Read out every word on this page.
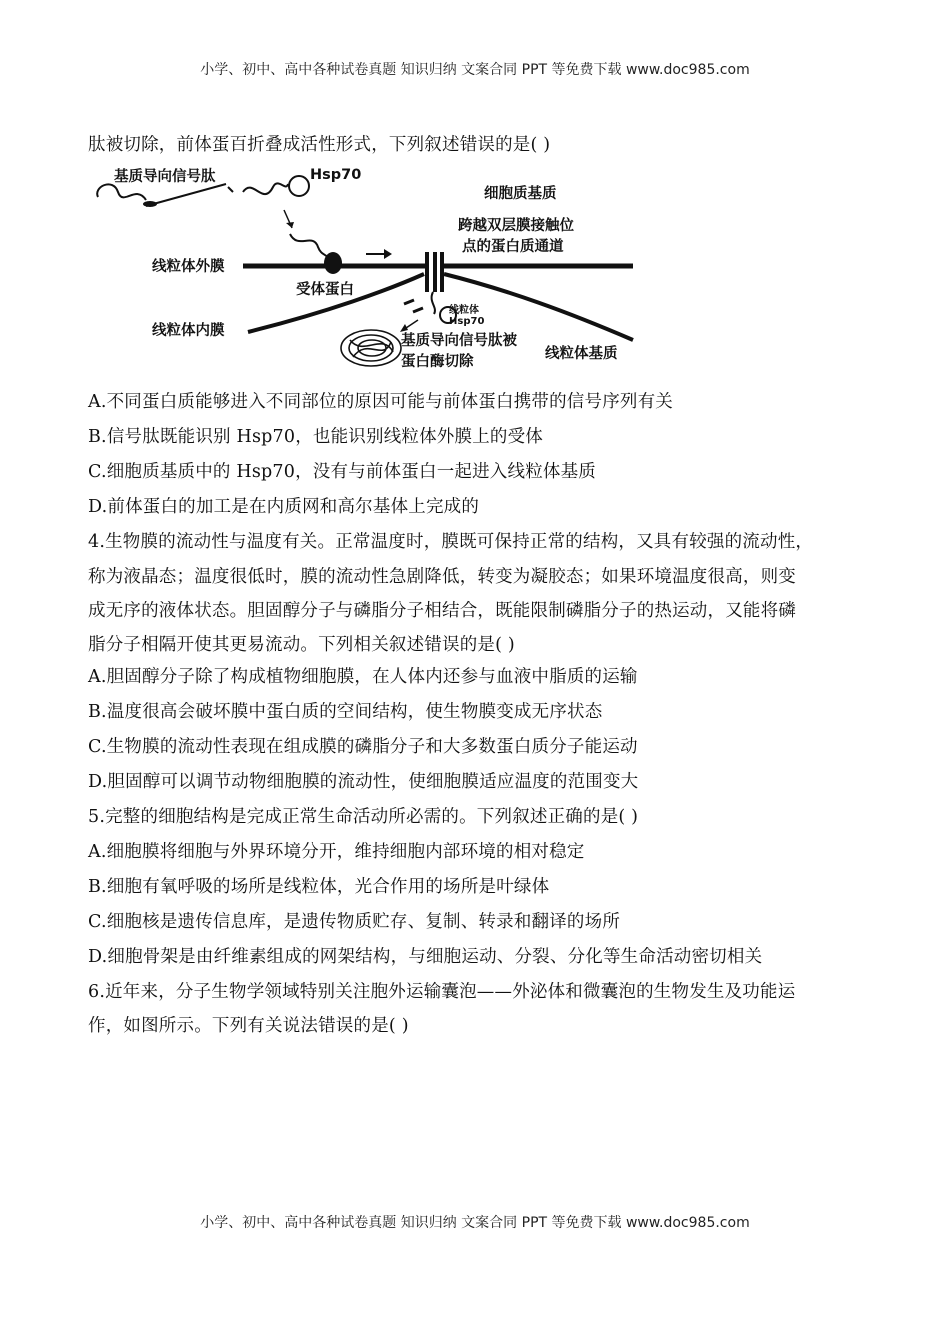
小学、初中、高中各种试卷真题 知识归纳 文案合同 PPT 等免费下载 www.doc985.com
肽被切除，前体蛋百折叠成活性形式，下列叙述错误的是( )
基质导向信号肽	Hsp70
细胞质基质
跨越双层膜接触位
点的蛋白质通道
线粒体外膜
受体蛋白
线粒体内膜
线粒体
Hsp70
基质导向信号肽被
蛋白酶切除	线粒体基质
A.不同蛋白质能够进入不同部位的原因可能与前体蛋白携带的信号序列有关
B.信号肽既能识别 Hsp70，也能识别线粒体外膜上的受体
C.细胞质基质中的 Hsp70，没有与前体蛋白一起进入线粒体基质
D.前体蛋白的加工是在内质网和高尔基体上完成的
4.生物膜的流动性与温度有关。正常温度时，膜既可保持正常的结构，又具有较强的流动性，
称为液晶态；温度很低时，膜的流动性急剧降低，转变为凝胶态；如果环境温度很高，则变
成无序的液体状态。胆固醇分子与磷脂分子相结合，既能限制磷脂分子的热运动，又能将磷
脂分子相隔开使其更易流动。下列相关叙述错误的是( )
A.胆固醇分子除了构成植物细胞膜，在人体内还参与血液中脂质的运输
B.温度很高会破坏膜中蛋白质的空间结构，使生物膜变成无序状态
C.生物膜的流动性表现在组成膜的磷脂分子和大多数蛋白质分子能运动
D.胆固醇可以调节动物细胞膜的流动性，使细胞膜适应温度的范围变大
5.完整的细胞结构是完成正常生命活动所必需的。下列叙述正确的是( )
A.细胞膜将细胞与外界环境分开，维持细胞内部环境的相对稳定
B.细胞有氧呼吸的场所是线粒体，光合作用的场所是叶绿体
C.细胞核是遗传信息库，是遗传物质贮存、复制、转录和翻译的场所
D.细胞骨架是由纤维素组成的网架结构，与细胞运动、分裂、分化等生命活动密切相关
6.近年来，分子生物学领域特别关注胞外运输囊泡——外泌体和微囊泡的生物发生及功能运
作，如图所示。下列有关说法错误的是( )
小学、初中、高中各种试卷真题 知识归纳 文案合同 PPT 等免费下载 www.doc985.com
